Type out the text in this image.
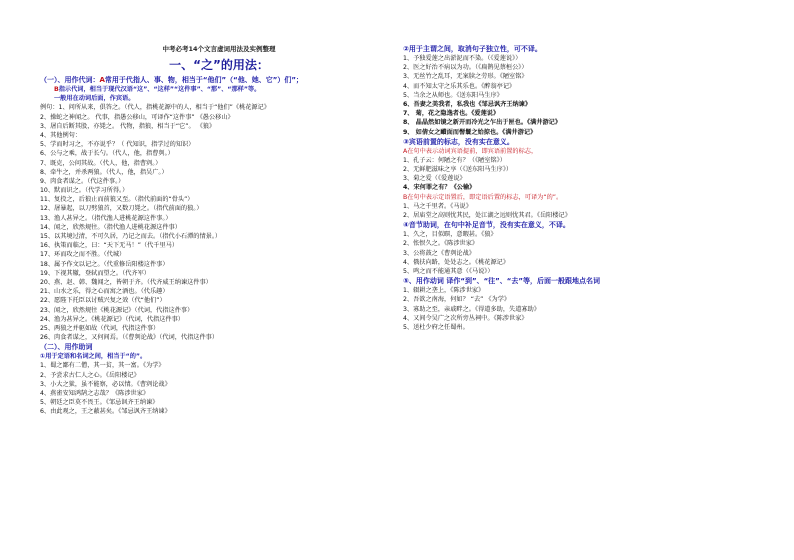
中考必考14个文言虚词用法及实例整理
一、“之”的用法：
（一）、用作代词：A常用于代指人、事、物，相当于“他们”（“他、她、它”）们”；
B指示代词，相当于现代汉语“这”、“这样”“这件事”、“那”、“那样”等。
一般用在动词后面，作宾语。
例句：1、问所从来，俱答之。（代人，指桃花源中的人，相当于“他们”《桃花源记》
2、操蛇之神闻之。 代事，指愚公移山，可译作“这件事” 《愚公移山》
3、屠自后断其股，亦毙之。 代物，指狼，相当于“它”。 《狼》
4、其他例句：
5、学而时习之，不亦说乎？（ 代知识，指学过的知识）
6、公与之乘，战于长勺。（代人，他，指曹刿。）
7、既克，公问其故。（代人，他，指曹刿。）
8、牵牛之，并杀两狼。（代人，他，指吴广。）
9、肉食者谋之。（代这件事。）
10、默而识之。（代学习所得。）
11、复投之，后狼止而前狼又至。（指代前面的“骨头”）
12、屠暴起，以刀劈狼首，又数刀毙之。（指代前面的狼。）
13、渔人甚异之。（指代渔人进桃花源这件事。）
14、闻之，欣然规往。（指代渔人进桃花源这件事）
15、以其境过清，不可久居，乃记之而去。（指代小石潭的情景。）
16、执策而临之，曰：“天下无马！”（代千里马）
17、环而攻之而不胜。（代城）
18、属予作文以记之。（代重修岳阳楼这件事）
19、下视其辙，登轼而望之。（代齐军）
20、燕、赵、韩、魏闻之，皆朝于齐。（代齐威王纳谏这件事）
21、山水之乐，得之心而寓之酒也。（代乐趣）
22、愿陛下托臣以讨贼兴复之效（代“他们”）
23、闻之，欣然规往《桃花源记》（代词，代指这件事）
24、渔为甚异之。《桃花源记》（代词，代指这件事）
25、两狼之并驱如故（代词，代指这件事）
26、肉食者谋之，又何间焉。（《曹刿论战》（代词，代指这件事）
（二）、用作助词
①用于定语和名词之间，相当于“的”。
1、蜀之鄙有二僧，其一贫，其一富。《为学》
2、予尝求古仁人之心。《岳阳楼记》
3、小大之狱，虽不能察，必以情。《曹刿论战》
4、燕雀安知鸿鹄之志哉？《陈涉世家》
5、朝廷之臣莫不畏王。《邹忌讽齐王纳谏》
6、由此观之，王之蔽甚矣。《邹忌讽齐王纳谏》
②用于主谓之间，取消句子独立性，可不译。
1、予独爱莲之出淤泥而不染。（《爱莲说》）
2、医之好治不病以为功。（《扁鹊见蔡桓公》）
3、无丝竹之乱耳，无案牍之劳形。《陋室铭》
4、而不知太守之乐其乐也。《醉翁亭记》
5、当余之从师也。《送东阳马生序》
6、吾妻之美我者，私我也《邹忌讽齐王纳谏》
7、 菊，花之隐逸者也。《爱莲说》
8、 晶晶然如镜之新开而冷光之乍出于匣也。《满井游记》
9、 如倩女之靧面而髻鬟之始掠也。《满井游记》
③宾语前置的标志，没有实在意义。
A在句中表示动词宾语提前，即宾语前置的标志，
1、孔子云：何陋之有？（《陋室铭》）
2、无鲜肥滋味之享（《送东阳马生序》）
3、菊之爱（《爱莲说》
4、宋何罪之有？《公输》
B在句中表示定语置后，即定语后置的标志，可译为“的”。
1、马之千里者。《马说》
2、居庙堂之高则忧其民，处江湖之远则忧其君。《岳阳楼记》
④音节助词，在句中补足音节，没有实在意义，不译。
1、久之，目似暝，意暇甚。《狼》
2、怅恨久之。《陈涉世家》
3、公将鼓之《曹刿论战》
4、俄扶向路，处处志之。《桃花源记》
5、鸣之而不能通其意（《马说》）
⑤、用作动词 译作“到”、“往”、“去”等，后面一般跟地点名词
1、辍耕之垄上，《陈涉世家》
2、吾欲之南海，何如？ “去” 《为学》
3、寡助之至，亲戚畔之。《得道多助，失道寡助》
4、又间令吴广之次所旁丛祠中。《陈涉世家》
5、送杜少府之任蜀州。
